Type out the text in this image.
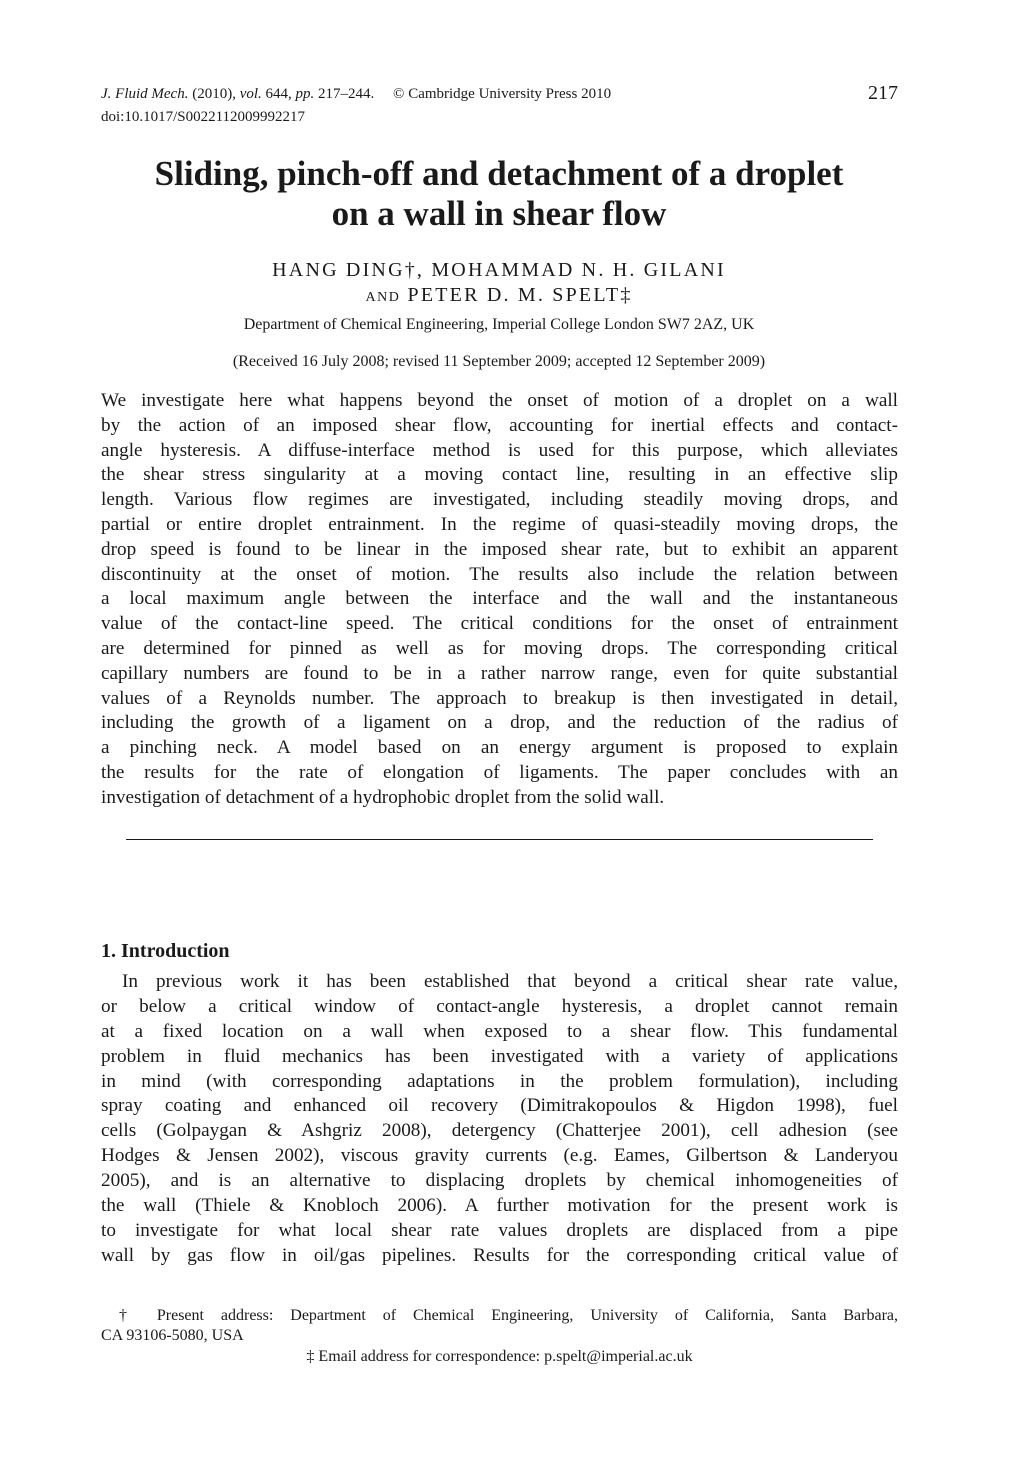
J. Fluid Mech. (2010), vol. 644, pp. 217–244. © Cambridge University Press 2010
doi:10.1017/S0022112009992217
217
Sliding, pinch-off and detachment of a droplet
on a wall in shear flow
HANG DING†, MOHAMMAD N. H. GILANI
AND PETER D. M. SPELT‡
Department of Chemical Engineering, Imperial College London SW7 2AZ, UK
(Received 16 July 2008; revised 11 September 2009; accepted 12 September 2009)
We investigate here what happens beyond the onset of motion of a droplet on a wall
by the action of an imposed shear flow, accounting for inertial effects and contact-
angle hysteresis. A diffuse-interface method is used for this purpose, which alleviates
the shear stress singularity at a moving contact line, resulting in an effective slip
length. Various flow regimes are investigated, including steadily moving drops, and
partial or entire droplet entrainment. In the regime of quasi-steadily moving drops, the
drop speed is found to be linear in the imposed shear rate, but to exhibit an apparent
discontinuity at the onset of motion. The results also include the relation between
a local maximum angle between the interface and the wall and the instantaneous
value of the contact-line speed. The critical conditions for the onset of entrainment
are determined for pinned as well as for moving drops. The corresponding critical
capillary numbers are found to be in a rather narrow range, even for quite substantial
values of a Reynolds number. The approach to breakup is then investigated in detail,
including the growth of a ligament on a drop, and the reduction of the radius of
a pinching neck. A model based on an energy argument is proposed to explain
the results for the rate of elongation of ligaments. The paper concludes with an
investigation of detachment of a hydrophobic droplet from the solid wall.
1. Introduction
In previous work it has been established that beyond a critical shear rate value,
or below a critical window of contact-angle hysteresis, a droplet cannot remain
at a fixed location on a wall when exposed to a shear flow. This fundamental
problem in fluid mechanics has been investigated with a variety of applications
in mind (with corresponding adaptations in the problem formulation), including
spray coating and enhanced oil recovery (Dimitrakopoulos & Higdon 1998), fuel
cells (Golpaygan & Ashgriz 2008), detergency (Chatterjee 2001), cell adhesion (see
Hodges & Jensen 2002), viscous gravity currents (e.g. Eames, Gilbertson & Landeryou
2005), and is an alternative to displacing droplets by chemical inhomogeneities of
the wall (Thiele & Knobloch 2006). A further motivation for the present work is
to investigate for what local shear rate values droplets are displaced from a pipe
wall by gas flow in oil/gas pipelines. Results for the corresponding critical value of
† Present address: Department of Chemical Engineering, University of California, Santa Barbara,
CA 93106-5080, USA
‡ Email address for correspondence: p.spelt@imperial.ac.uk
